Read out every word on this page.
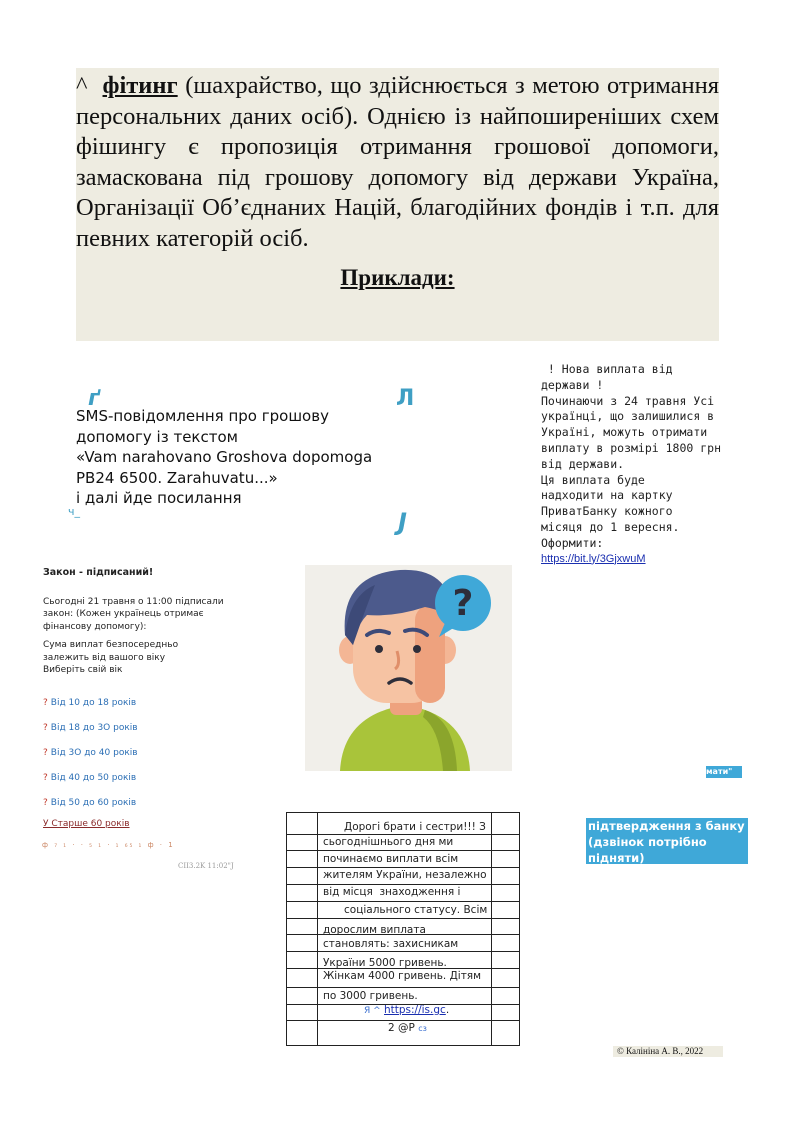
^ фітинг (шахрайство, що здійснюється з метою отримання персональних даних осіб). Однією із найпоширеніших схем фішингу є пропозиція отримання грошової допомоги, замаскована під грошову допомогу від держави Україна, Організації Об’єднаних Націй, благодійних фондів і т.п. для певних категорій осіб.

Приклади:
ґ	Л
ч_	J
SMS-повідомлення про грошову
допомогу із текстом
«Vam narahovano Groshova dopomoga
PB24 6500. Zarahuvatu...»
і далі йде посилання
! Нова виплата від
держави !
Починаючи з 24 травня Усі
українці, що залишилися в
Україні, можуть отримати
виплату в розмірі 1800 грн
від держави.
Ця виплата буде
надходити на картку
ПриватБанку кожного
місяця до 1 вересня.
Оформити:
https://bit.ly/3GjxwuM
Закон - підписаний!
Сьогодні 21 травня о 11:00 підписали
закон: (Кожен українець отримає
фінансову допомогу):
Сума виплат безпосередньо
залежить від вашого віку
Виберіть свій вік
? Від 10 до 18 років
? Від 18 до 3О років
? Від 3О до 40 років
? Від 40 до 50 років
? Від 50 до 60 років
У Старше 60 років
ф ₇ ₁ · · ₅ ₁ · ₁ ₆₅ ₁ ф · 1
CII3.2K 11:02"J
?
мати"
підтвердження з банку
(дзвінок потрібно підняти)
5. Отримання виплати.
Дорогі брати і сестри!!! З
сьогоднішнього дня ми
починаємо виплати всім
жителям України, незалежно
від місця  знаходження і
соціального статусу. Всім
дорослим виплата
становлять: захисникам
України 5000 гривень.
Жінкам 4000 гривень. Дітям
по 3000 гривень.
Я ^ https://is.gc.
2 @Р сз
© Калініна А. В., 2022
